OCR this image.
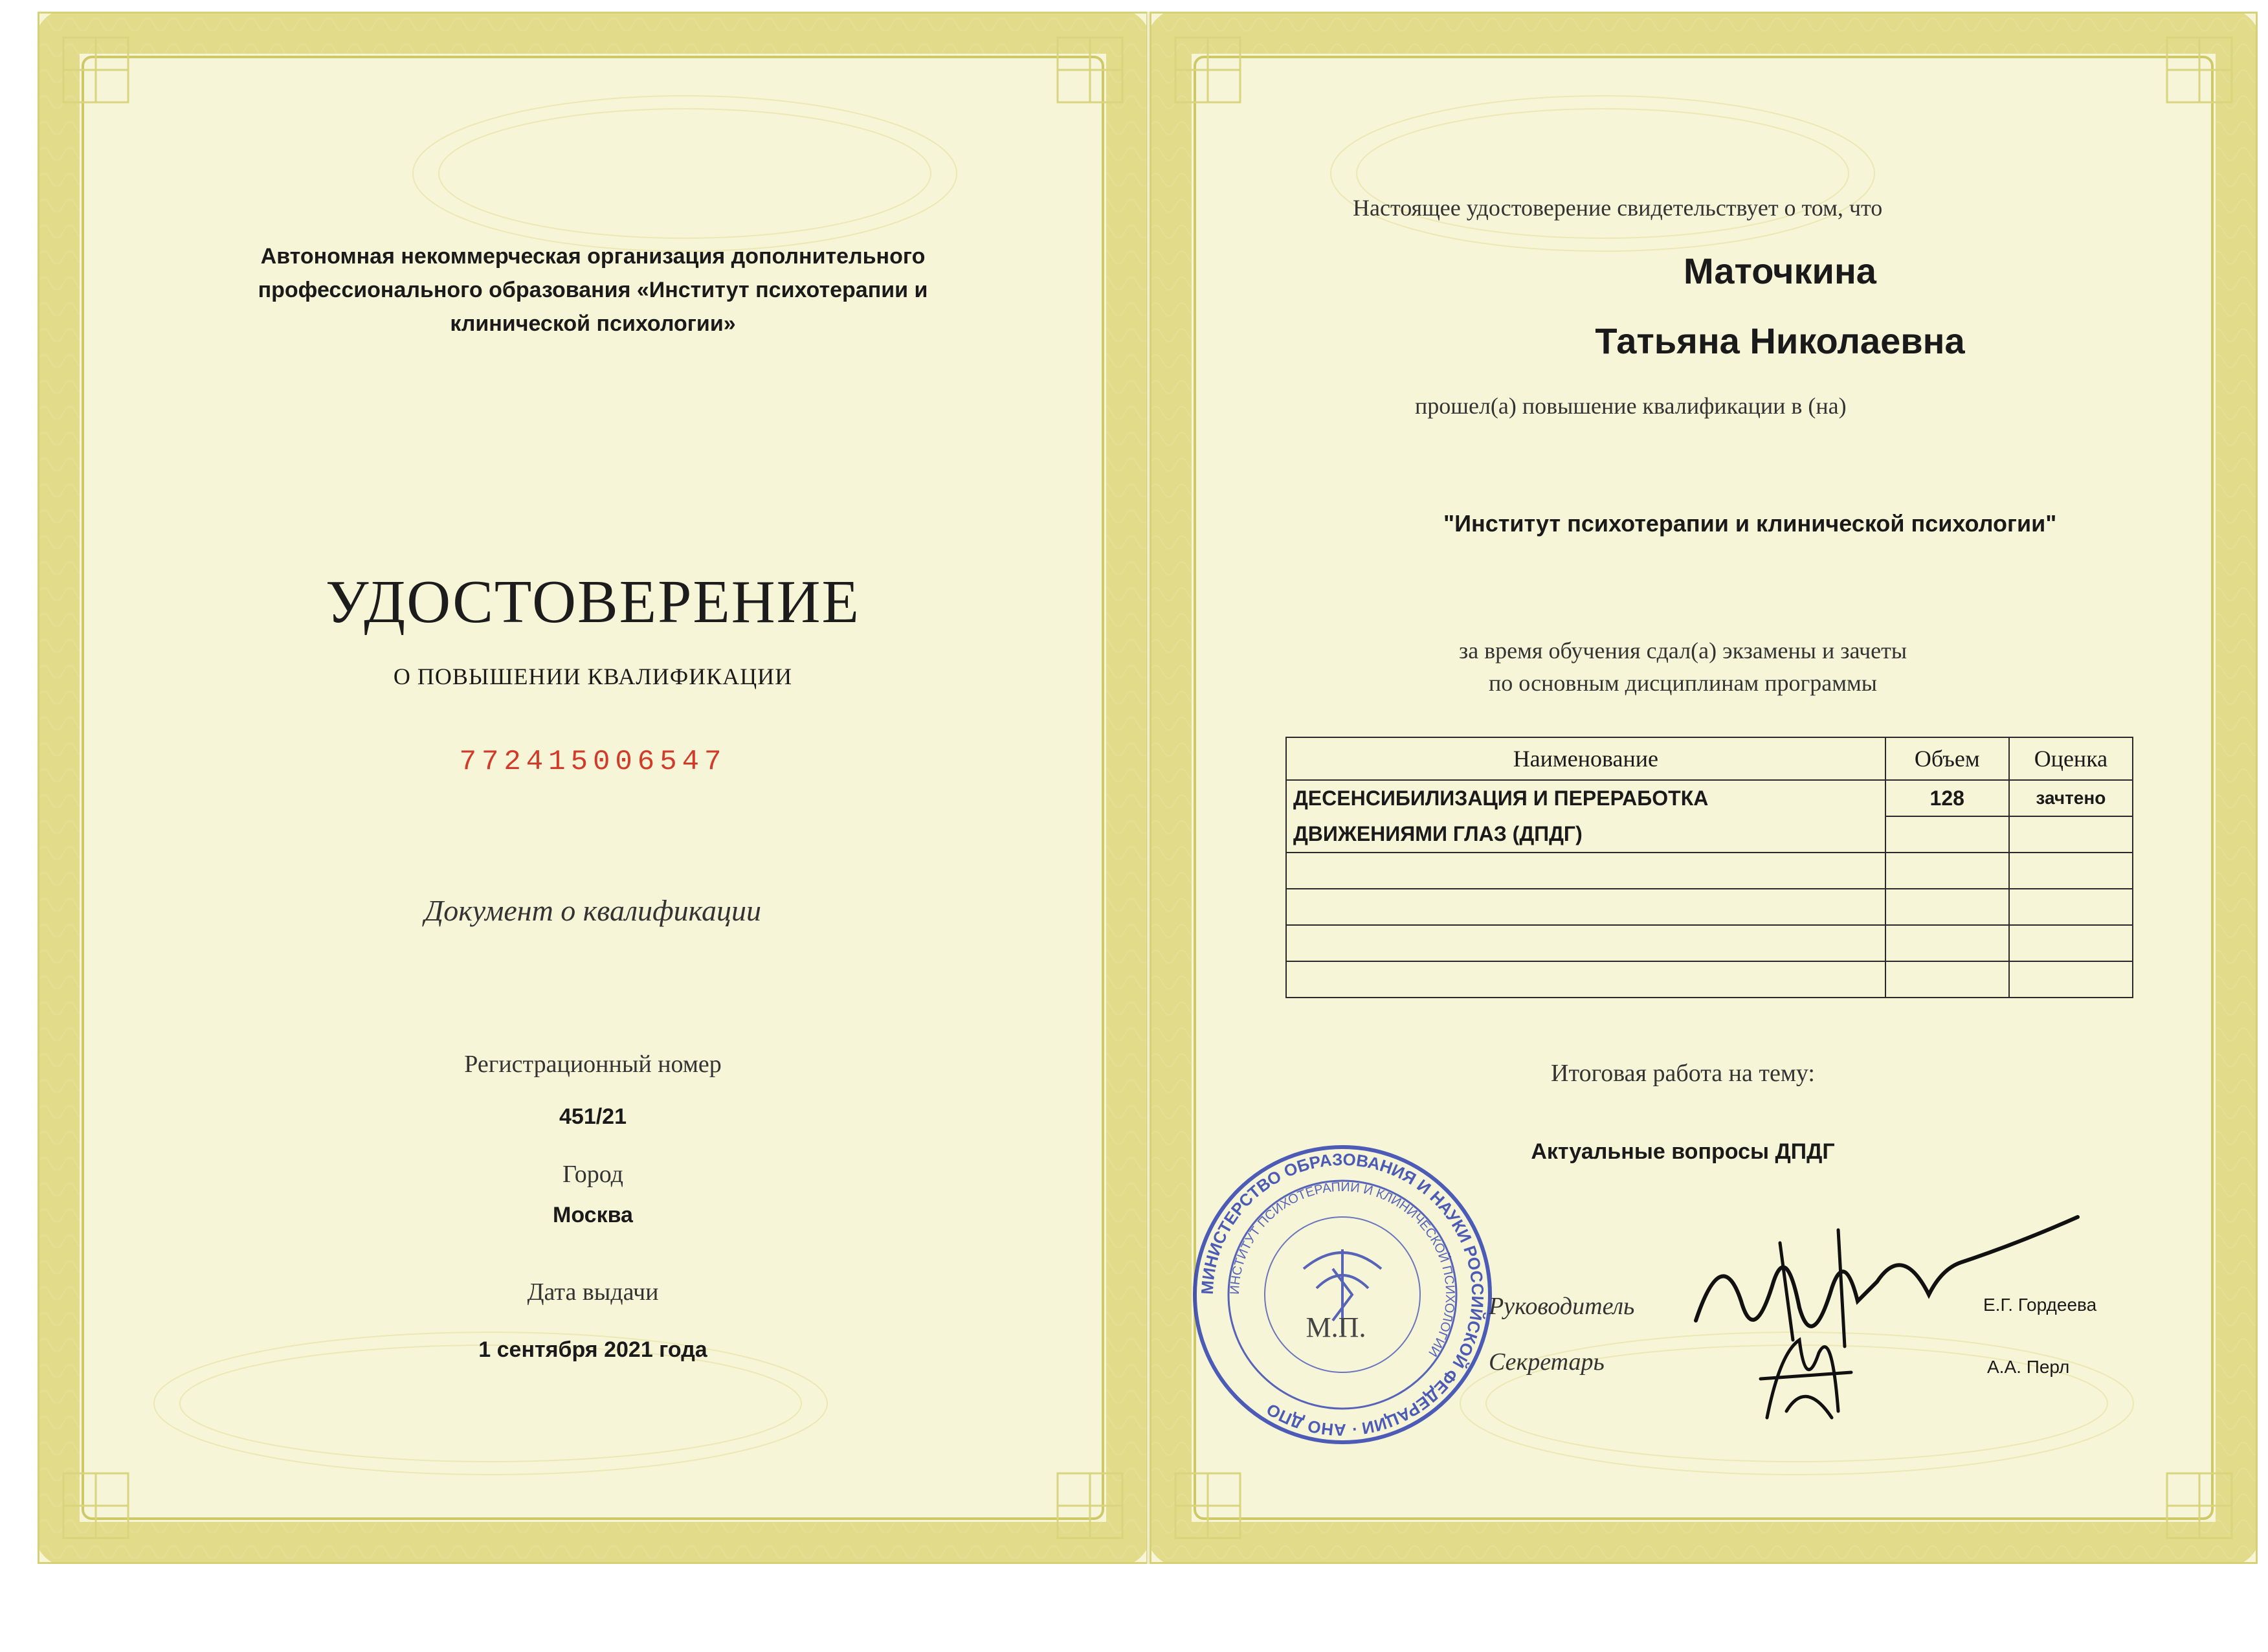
Автономная некоммерческая организация дополнительного
профессионального образования «Институт психотерапии и
клинической психологии»
УДОСТОВЕРЕНИЕ
О ПОВЫШЕНИИ КВАЛИФИКАЦИИ
772415006547
Документ о квалификации
Регистрационный номер
451/21
Город
Москва
Дата выдачи
1 сентября 2021 года
Настоящее удостоверение свидетельствует о том, что
Маточкина
Татьяна Николаевна
прошел(а) повышение квалификации в (на)
"Институт психотерапии и клинической психологии"
за время обучения сдал(а) экзамены и зачеты
по основным дисциплинам программы
Наименование	Объем	Оценка
ДЕСЕНСИБИЛИЗАЦИЯ И ПЕРЕРАБОТКА	128	зачтено
ДВИЖЕНИЯМИ ГЛАЗ (ДПДГ)		

Итоговая работа на тему:
Актуальные вопросы ДПДГ
МИНИСТЕРСТВО ОБРАЗОВАНИЯ И НАУКИ РОССИЙСКОЙ ФЕДЕРАЦИИ · АНО ДПО
ИНСТИТУТ ПСИХОТЕРАПИИ И КЛИНИЧЕСКОЙ ПСИХОЛОГИИ
М.П.
Руководитель
Секретарь
Е.Г. Гордеева
А.А. Перл
